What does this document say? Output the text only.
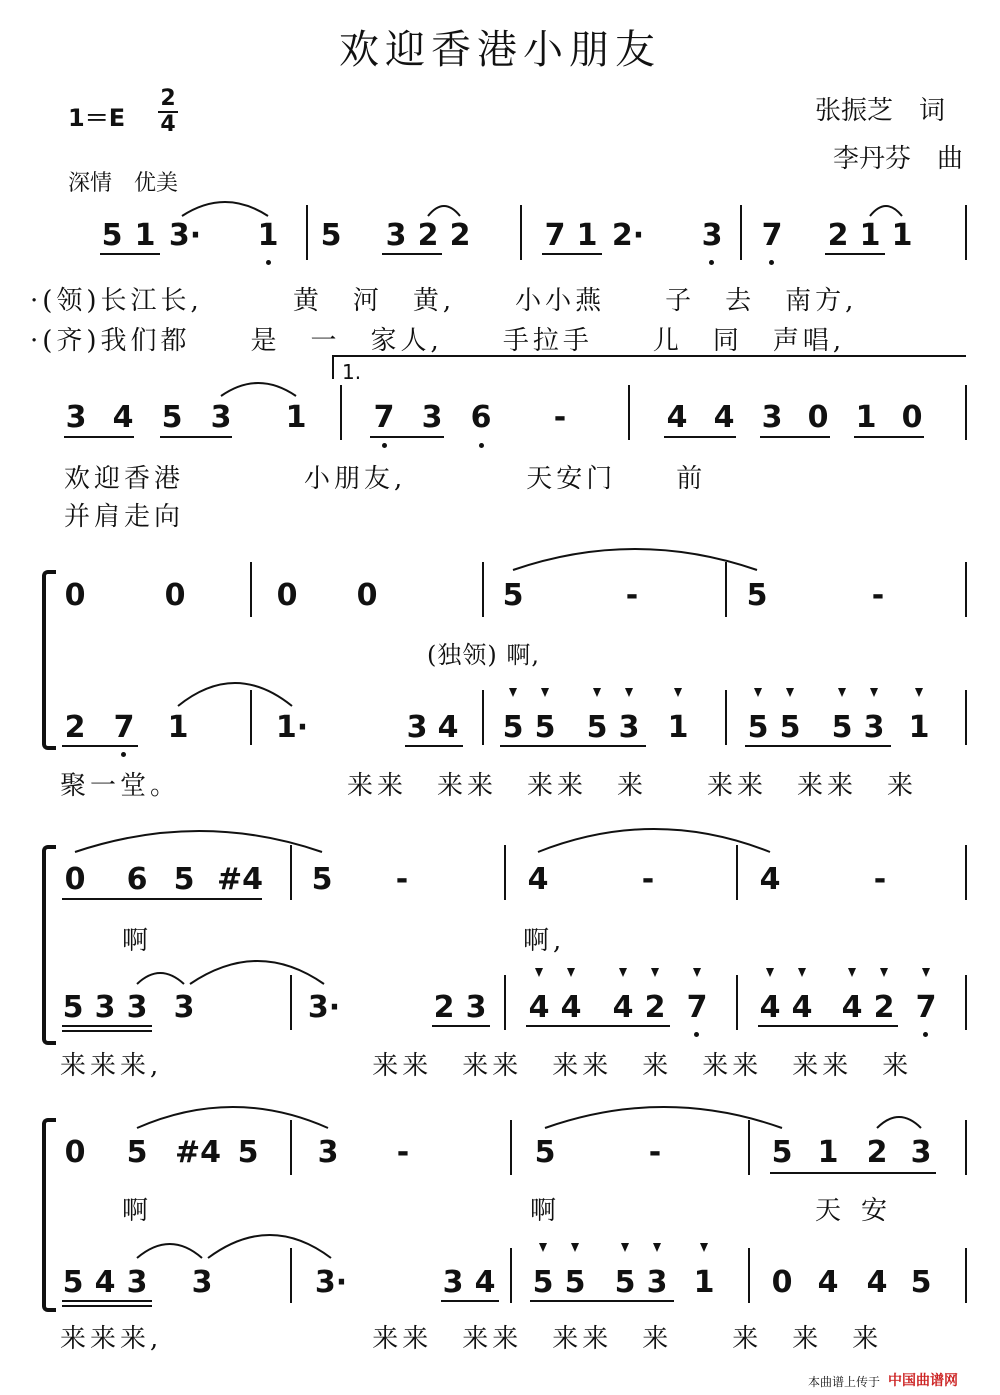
欢迎香港小朋友
张振芝　词
李丹芬　曲
1＝E
2
4
深情　优美
5 1 3· 1 5 3 2 2 7 1 2· 3 7 2 1 1
·(领)长江长,　　　黄　河　黄,　　小小燕　　子　去　南方,
·(齐)我们都　　是　一　家人,　　手拉手　　儿　同　声唱,
1.
3 4 5 3 1 7 3 6 -	4 4 3 0 1 0
欢迎香港　　　　小朋友,　　　　天安门　　前
并肩走向
0	0	0 0	5	-	5	-
(独领) 啊,
2 7 1	1·	3 4 5 5 5 3 1 5 5 5 3 1
聚一堂。　　　　　　来来　来来　来来　来　　来来　来来　来
0 6 5 #4 5 -	4	-	4	-
啊	啊,
5 3 3 3	3·	2 3 4 4 4 2 7 4 4 4 2 7
来来来,　　　　　　　来来　来来　来来　来　来来　来来　来
0 5 #4 5 3 -	5	-	5 1 2 3
啊	啊	天安
5 4 3 3	3·	3 4 5 5 5 3 1 0 4 4 5
来来来,　　　　　　　来来　来来　来来　来　　来　来　来
本曲谱上传于 中国曲谱网
